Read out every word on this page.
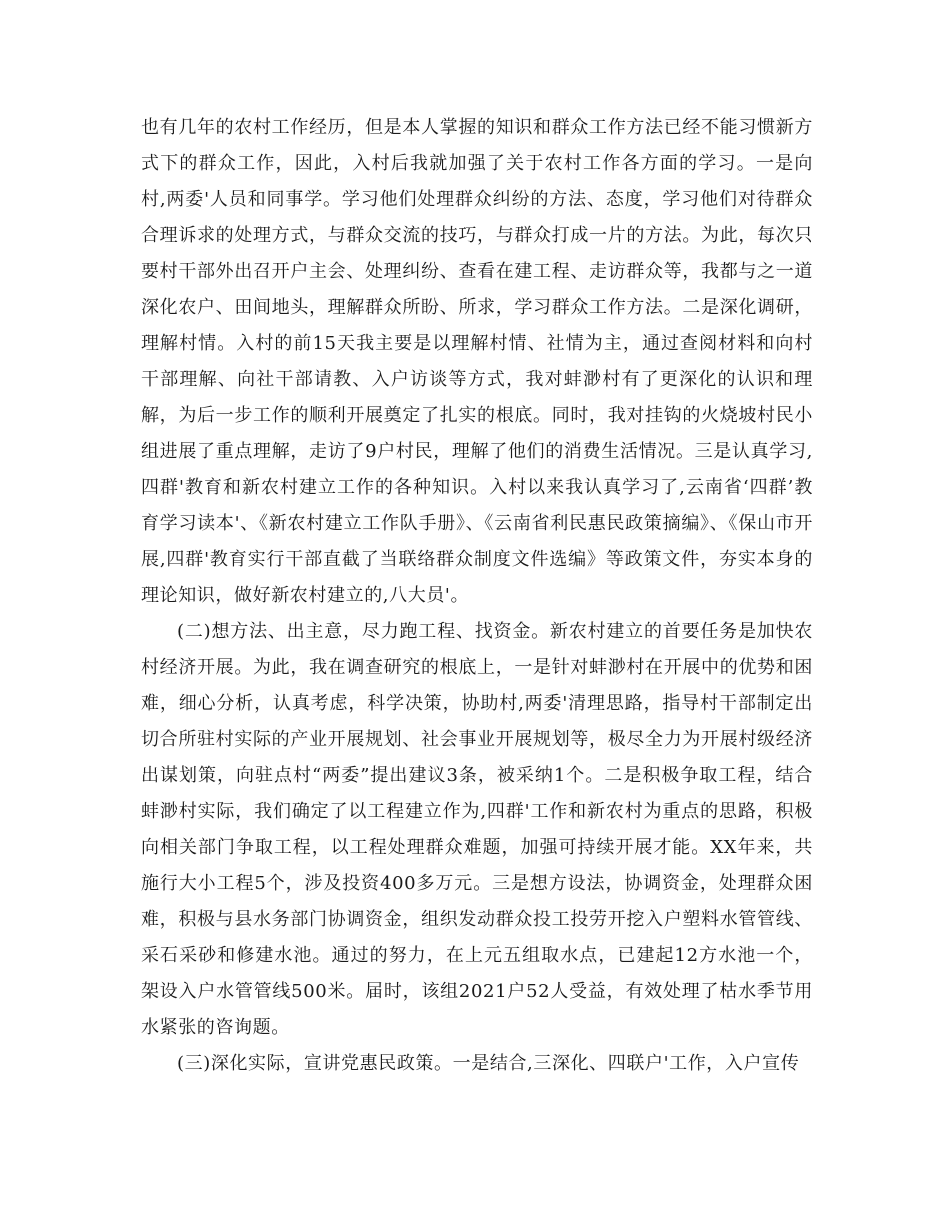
也有几年的农村工作经历，但是本人掌握的知识和群众工作方法已经不能习惯新方式下的群众工作，因此，入村后我就加强了关于农村工作各方面的学习。一是向村,两委'人员和同事学。学习他们处理群众纠纷的方法、态度，学习他们对待群众合理诉求的处理方式，与群众交流的技巧，与群众打成一片的方法。为此，每次只要村干部外出召开户主会、处理纠纷、查看在建工程、走访群众等，我都与之一道深化农户、田间地头，理解群众所盼、所求，学习群众工作方法。二是深化调研，理解村情。入村的前15天我主要是以理解村情、社情为主，通过查阅材料和向村干部理解、向社干部请教、入户访谈等方式，我对蚌渺村有了更深化的认识和理解，为后一步工作的顺利开展奠定了扎实的根底。同时，我对挂钩的火烧坡村民小组进展了重点理解，走访了9户村民，理解了他们的消费生活情况。三是认真学习,四群'教育和新农村建立工作的各种知识。入村以来我认真学习了,云南省‘四群’教育学习读本'、《新农村建立工作队手册》、《云南省利民惠民政策摘编》、《保山市开展,四群'教育实行干部直截了当联络群众制度文件选编》等政策文件，夯实本身的理论知识，做好新农村建立的,八大员'。

(二)想方法、出主意，尽力跑工程、找资金。新农村建立的首要任务是加快农村经济开展。为此，我在调查研究的根底上，一是针对蚌渺村在开展中的优势和困难，细心分析，认真考虑，科学决策，协助村,两委'清理思路，指导村干部制定出切合所驻村实际的产业开展规划、社会事业开展规划等，极尽全力为开展村级经济出谋划策，向驻点村“两委”提出建议3条，被采纳1个。二是积极争取工程，结合蚌渺村实际，我们确定了以工程建立作为,四群'工作和新农村为重点的思路，积极向相关部门争取工程，以工程处理群众难题，加强可持续开展才能。XX年来，共施行大小工程5个，涉及投资400多万元。三是想方设法，协调资金，处理群众困难，积极与县水务部门协调资金，组织发动群众投工投劳开挖入户塑料水管管线、采石采砂和修建水池。通过的努力，在上元五组取水点，已建起12方水池一个，架设入户水管管线500米。届时，该组2021户52人受益，有效处理了枯水季节用水紧张的咨询题。

(三)深化实际，宣讲党惠民政策。一是结合,三深化、四联户'工作，入户宣传
